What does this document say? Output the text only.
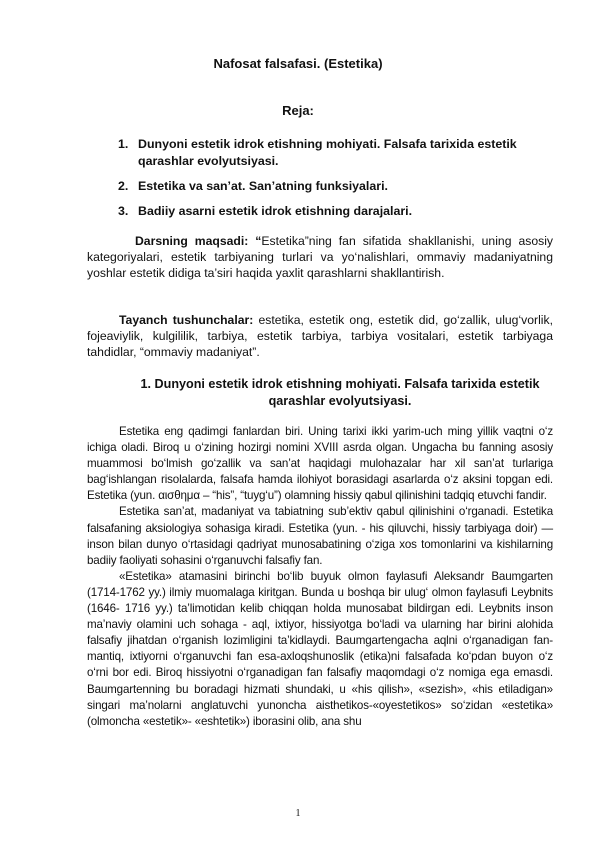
Nafosat falsafasi. (Estetika)
Reja:
1. Dunyoni estetik idrok etishning mohiyati. Falsafa tarixida estetik qarashlar evolyutsiyasi.
2. Estetika va san’at. San’atning funksiyalari.
3. Badiiy asarni estetik idrok etishning darajalari.

Darsning maqsadi: “Estetika”ning fan sifatida shakllanishi, uning asosiy kategoriyalari, estetik tarbiyaning turlari va yo‘nalishlari, ommaviy madaniyatning yoshlar estetik didiga ta’siri haqida yaxlit qarashlarni shakllantirish.

Tayanch tushunchalar: estetika, estetik ong, estetik did, go‘zallik, ulug‘vorlik, fojeaviylik, kulgililik, tarbiya, estetik tarbiya, tarbiya vositalari, estetik tarbiyaga tahdidlar, “ommaviy madaniyat”.

1. Dunyoni estetik idrok etishning mohiyati. Falsafa tarixida estetik qarashlar evolyutsiyasi.

Estetika eng qadimgi fanlardan biri. Uning tarixi ikki yarim-uch ming yillik vaqtni o‘z ichiga oladi. Biroq u o‘zining hozirgi nomini XVIII asrda olgan. Ungacha bu fanning asosiy muammosi bo‘lmish go‘zallik va san’at haqidagi mulohazalar har xil san’at turlariga bag‘ishlangan risolalarda, falsafa hamda ilohiyot borasidagi asarlarda o‘z aksini topgan edi. Estetika (yun. αισθημα – “his”, “tuyg‘u”) olamning hissiy qabul qilinishini tadqiq etuvchi fandir.

Estetika san’at, madaniyat va tabiatning sub’ektiv qabul qilinishini o‘rganadi. Estetika falsafaning aksiologiya sohasiga kiradi. Estetika (yun. - his qiluvchi, hissiy tarbiyaga doir) — inson bilan dunyo o‘rtasidagi qadriyat munosabatining o‘ziga xos tomonlarini va kishilarning badiiy faoliyati sohasini o‘rganuvchi falsafiy fan.

«Estetika» atamasini birinchi bo‘lib buyuk olmon faylasufi Aleksandr Baumgarten (1714-1762 yy.) ilmiy muomalaga kiritgan. Bunda u boshqa bir ulug‘ olmon faylasufi Leybnits (1646- 1716 yy.) ta’limotidan kelib chiqqan holda munosabat bildirgan edi. Leybnits inson ma’naviy olamini uch sohaga - aql, ixtiyor, hissiyotga bo‘ladi va ularning har birini alohida falsafiy jihatdan o‘rganish lozimligini ta’kidlaydi. Baumgartengacha aqlni o‘rganadigan fan-mantiq, ixtiyorni o‘rganuvchi fan esa-axloqshunoslik (etika)ni falsafada ko‘pdan buyon o‘z o‘rni bor edi. Biroq hissiyotni o‘rganadigan fan falsafiy maqomdagi o‘z nomiga ega emasdi. Baumgartenning bu boradagi hizmati shundaki, u «his qilish», «sezish», «his etiladigan» singari ma’nolarni anglatuvchi yunoncha aisthetikos-«oyestetikos» so‘zidan «estetika» (olmoncha «estetik»- «eshtetik») iborasini olib, ana shu

1
